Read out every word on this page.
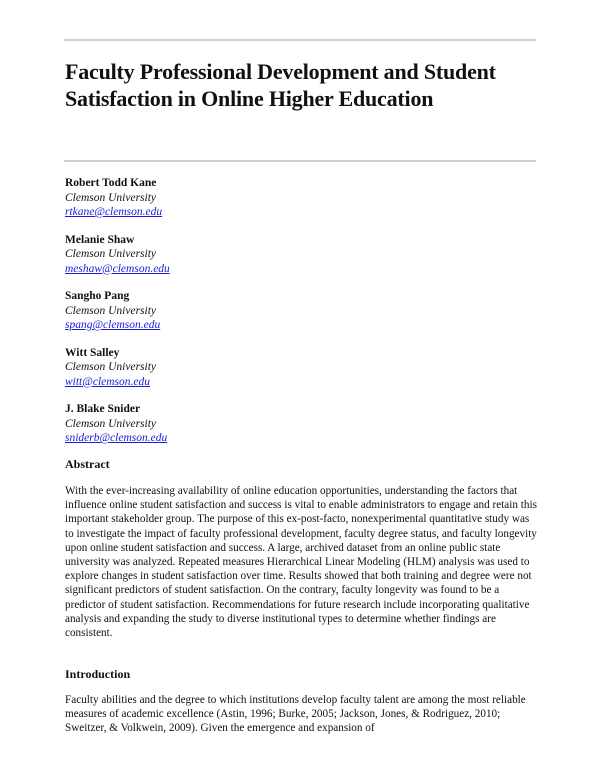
Faculty Professional Development and Student Satisfaction in Online Higher Education
Robert Todd Kane
Clemson University
rtkane@clemson.edu
Melanie Shaw
Clemson University
meshaw@clemson.edu
Sangho Pang
Clemson University
spang@clemson.edu
Witt Salley
Clemson University
witt@clemson.edu
J. Blake Snider
Clemson University
sniderb@clemson.edu
Abstract

With the ever-increasing availability of online education opportunities, understanding the factors that influence online student satisfaction and success is vital to enable administrators to engage and retain this important stakeholder group. The purpose of this ex-post-facto, nonexperimental quantitative study was to investigate the impact of faculty professional development, faculty degree status, and faculty longevity upon online student satisfaction and success. A large, archived dataset from an online public state university was analyzed. Repeated measures Hierarchical Linear Modeling (HLM) analysis was used to explore changes in student satisfaction over time. Results showed that both training and degree were not significant predictors of student satisfaction. On the contrary, faculty longevity was found to be a predictor of student satisfaction. Recommendations for future research include incorporating qualitative analysis and expanding the study to diverse institutional types to determine whether findings are consistent.

Introduction

Faculty abilities and the degree to which institutions develop faculty talent are among the most reliable measures of academic excellence (Astin, 1996; Burke, 2005; Jackson, Jones, & Rodriguez, 2010; Sweitzer, & Volkwein, 2009). Given the emergence and expansion of
